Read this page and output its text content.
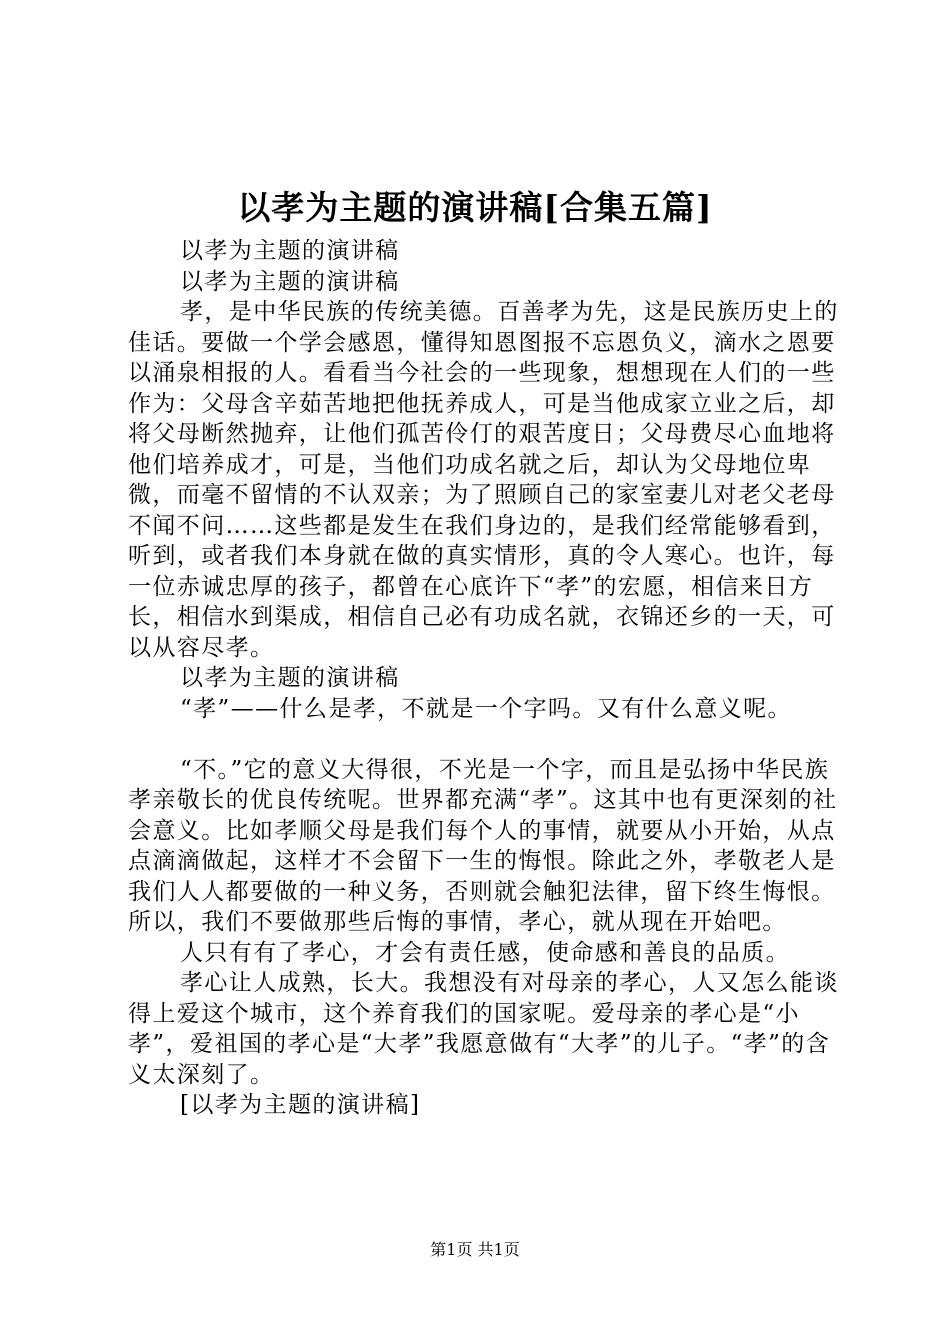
以孝为主题的演讲稿[合集五篇]

以孝为主题的演讲稿

以孝为主题的演讲稿

孝，是中华民族的传统美德。百善孝为先，这是民族历史上的佳话。要做一个学会感恩，懂得知恩图报不忘恩负义，滴水之恩要以涌泉相报的人。看看当今社会的一些现象，想想现在人们的一些作为：父母含辛茹苦地把他抚养成人，可是当他成家立业之后，却将父母断然抛弃，让他们孤苦伶仃的艰苦度日；父母费尽心血地将他们培养成才，可是，当他们功成名就之后，却认为父母地位卑微，而毫不留情的不认双亲；为了照顾自己的家室妻儿对老父老母不闻不问……这些都是发生在我们身边的，是我们经常能够看到，听到，或者我们本身就在做的真实情形，真的令人寒心。也许，每一位赤诚忠厚的孩子，都曾在心底许下“孝”的宏愿，相信来日方长，相信水到渠成，相信自己必有功成名就，衣锦还乡的一天，可以从容尽孝。

以孝为主题的演讲稿

“孝”——什么是孝，不就是一个字吗。又有什么意义呢。

“不。”它的意义大得很，不光是一个字，而且是弘扬中华民族孝亲敬长的优良传统呢。世界都充满“孝”。这其中也有更深刻的社会意义。比如孝顺父母是我们每个人的事情，就要从小开始，从点点滴滴做起，这样才不会留下一生的悔恨。除此之外，孝敬老人是我们人人都要做的一种义务，否则就会触犯法律，留下终生悔恨。所以，我们不要做那些后悔的事情，孝心，就从现在开始吧。

人只有有了孝心，才会有责任感，使命感和善良的品质。

孝心让人成熟，长大。我想没有对母亲的孝心，人又怎么能谈得上爱这个城市，这个养育我们的国家呢。爱母亲的孝心是“小孝”，爱祖国的孝心是“大孝”我愿意做有“大孝”的儿子。“孝”的含义太深刻了。

[以孝为主题的演讲稿]

第1页 共1页
